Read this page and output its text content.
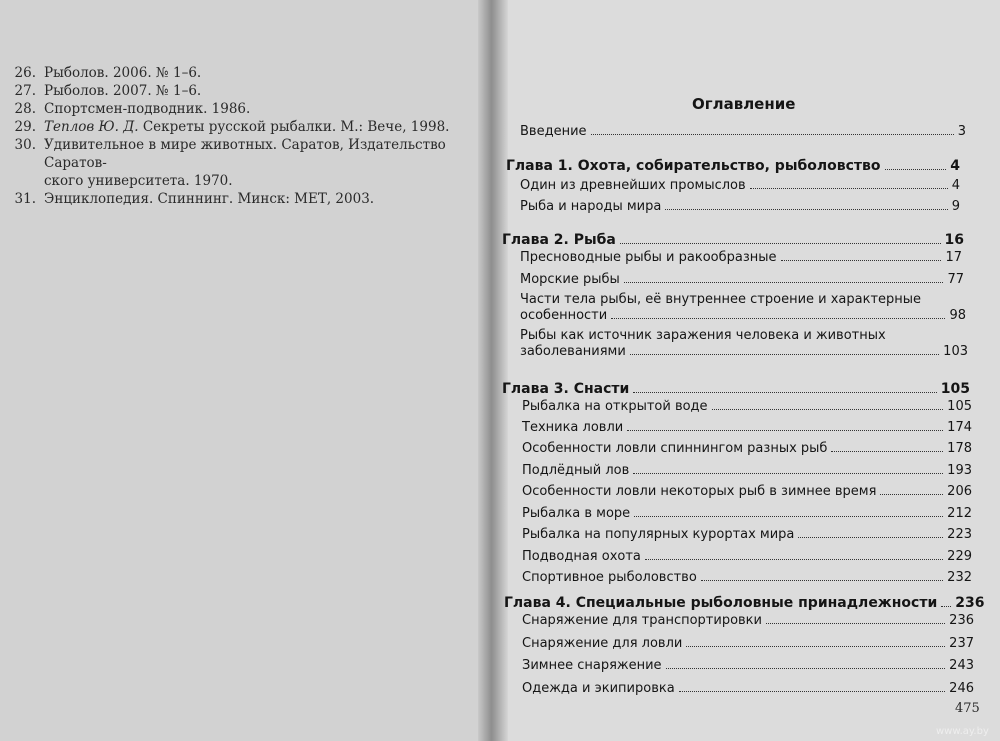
26. Рыболов. 2006. № 1–6.
27. Рыболов. 2007. № 1–6.
28. Спортсмен-подводник. 1986.
29. Теплов Ю. Д. Секреты русской рыбалки. М.: Вече, 1998.
30. Удивительное в мире животных. Саратов, Издательство Саратов-
ского университета. 1970.
31. Энциклопедия. Спиннинг. Минск: МЕТ, 2003.
Оглавление
Введение	3
Глава 1. Охота, собирательство, рыболовство	4
Один из древнейших промыслов	4
Рыба и народы мира	9
Глава 2. Рыба	16
Пресноводные рыбы и ракообразные	17
Морские рыбы	77
Части тела рыбы, её внутреннее строение и характерные
особенности	98
Рыбы как источник заражения человека и животных
заболеваниями	103
Глава 3. Снасти	105
Рыбалка на открытой воде	105
Техника ловли	174
Особенности ловли спиннингом разных рыб	178
Подлёдный лов	193
Особенности ловли некоторых рыб в зимнее время	206
Рыбалка в море	212
Рыбалка на популярных курортах мира	223
Подводная охота	229
Спортивное рыболовство	232
Глава 4. Специальные рыболовные принадлежности 236
Снаряжение для транспортировки	236
Снаряжение для ловли	237
Зимнее снаряжение	243
Одежда и экипировка	246
475
www.ay.by
